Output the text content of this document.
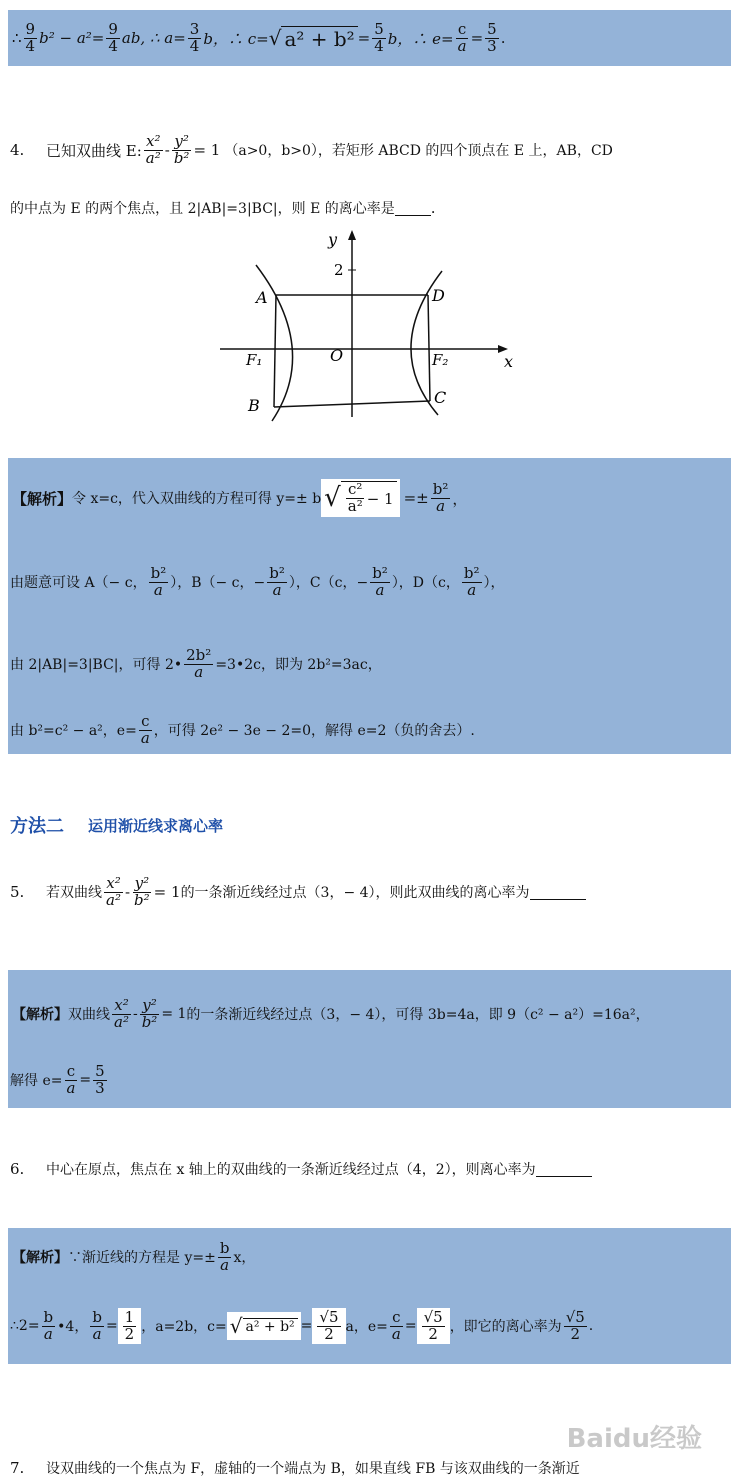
∴ $\frac{9}{4} b^2 - a^2= \frac{9}{4}$ ab, ∴ $a= \frac{3}{4}$ b，∴ c= √ $a^2 + b^2 = \frac{5}{4}$ b，∴ $e= \frac{c}{a} = \frac{5}{3}$ .
4.	已知双曲线 E: $\frac{\text{x²}}{\text{a²}} - \frac{\text{y²}}{\text{b²}} = 1$ （a>0，b>0），若矩形 ABCD 的四个顶点在 E 上，AB，CD
的中点为 E 的两个焦点，且 2|AB|=3|BC|，则 E 的离心率是 .
y
x
2
A
B	C
D
O
F₁	F₂
【解析】 令 x=c，代入双曲线的方程可得 y=± b √ $\frac{\text{c²}}{\text{a²}} - 1 =\pm \frac{\text{b²}}{a}$ ，
由题意可设 A（− c， $\frac{\text{b²}}{a}$ ），B（− c，− $\frac{\text{b²}}{a}$ ），C（c，− $\frac{\text{b²}}{a}$ ），D（c， $\frac{\text{b²}}{a}$ ），
由 2|AB|=3|BC|，可得 2• $\frac{\text{2b²}}{a}$ =3•2c，即为 2b²=3ac，
由 b²=c² − a²，$e= \frac{c}{a}$ ，可得 2e² − 3e − 2=0，解得 e=2（负的舍去）.
方法二 运用渐近线求离心率
5.	若双曲线 $\frac{\text{x²}}{\text{a²}} - \frac{\text{y²}}{\text{b²}} = 1$ 的一条渐近线经过点（3，− 4），则此双曲线的离心率为
【解析】 双曲线 $\frac{\text{x²}}{\text{a²}} - \frac{\text{y²}}{\text{b²}} = 1$ 的一条渐近线经过点（3，− 4），可得 3b=4a，即 9（c² − a²）=16a²，
解得 $e= \frac{c}{a} = \frac{5}{3}$
6.	中心在原点，焦点在 x 轴上的双曲线的一条渐近线经过点（4，2），则离心率为
【解析】 ∵渐近线的方程是 $y=\pm \frac{b}{a}$ x，
∴2= $\frac{b}{a}$ •4， $\frac{b}{a} = \frac{1}{2}$ ，a=2b，c= √ $a^2 + b^2 = \frac{√5}{2}$ a，$e= \frac{c}{a} = \frac{√5}{2}$ ，即它的离心率为 $\frac{√5}{2}$ .
7.	设双曲线的一个焦点为 F，虚轴的一个端点为 B，如果直线 FB 与该双曲线的一条渐近
Baidu经验
